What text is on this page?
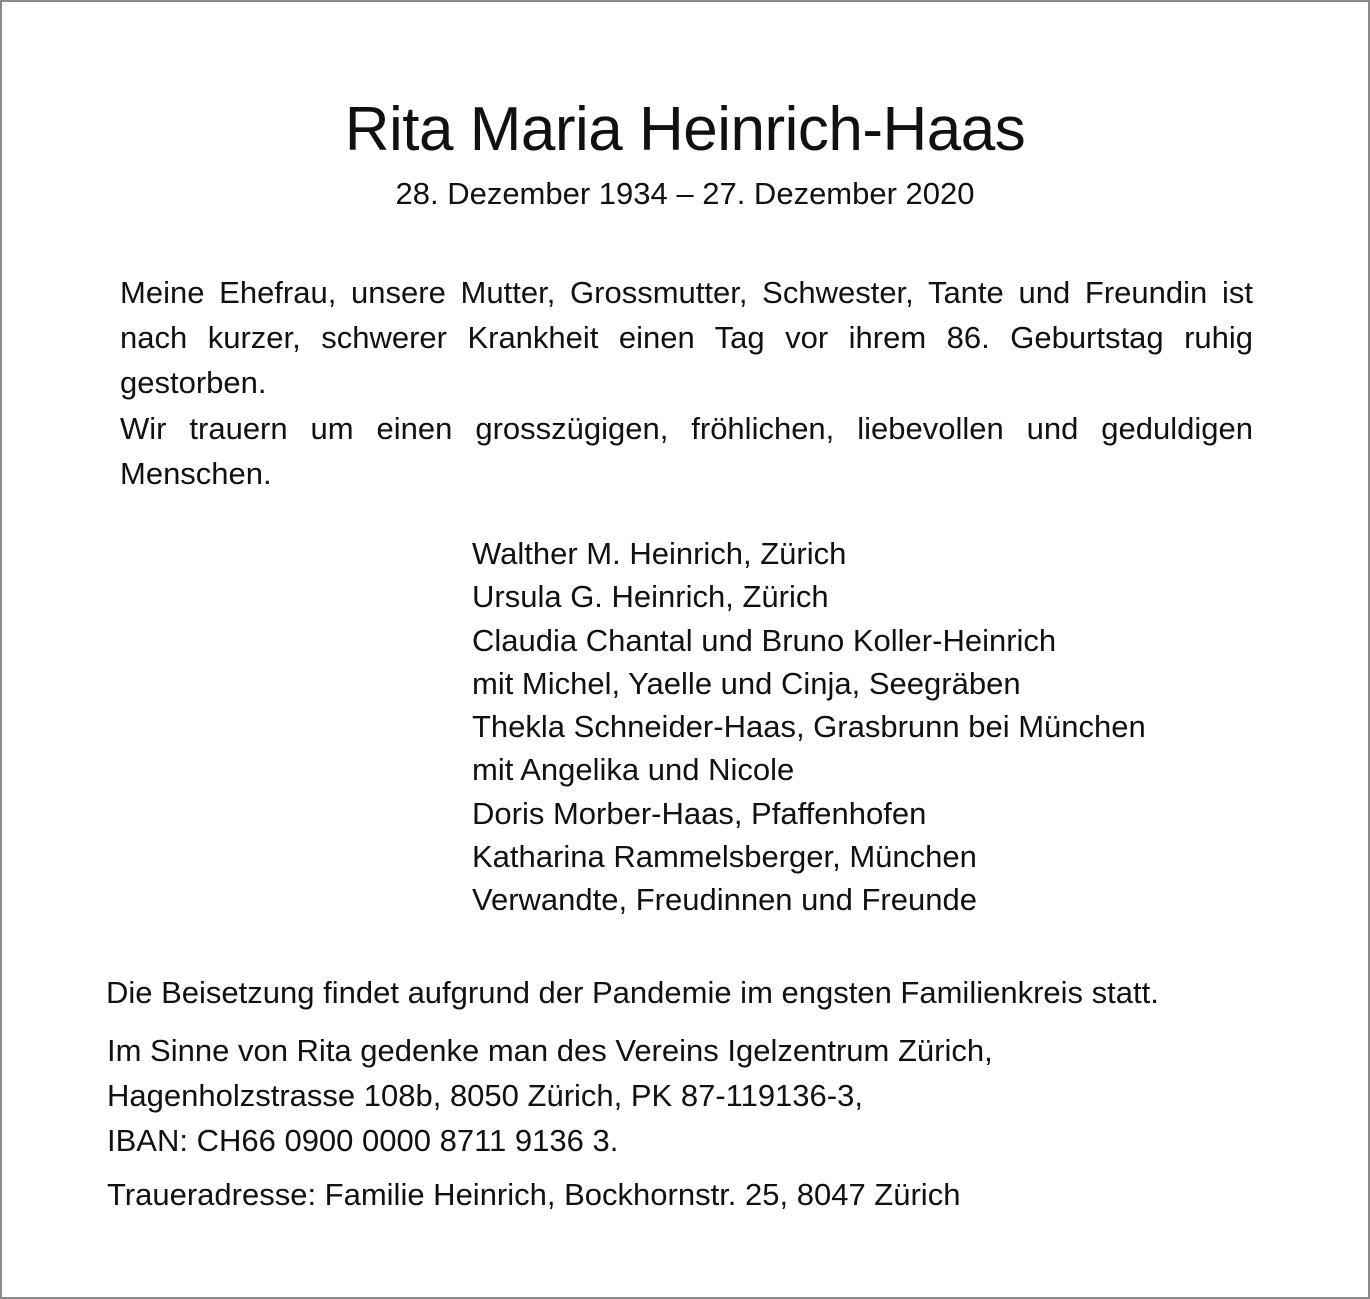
Rita Maria Heinrich-Haas
28. Dezember 1934 – 27. Dezember 2020

Meine Ehefrau, unsere Mutter, Grossmutter, Schwester, Tante und Freundin ist nach kurzer, schwerer Krankheit einen Tag vor ihrem 86. Geburtstag ruhig gestorben.

Wir trauern um einen grosszügigen, fröhlichen, liebevollen und geduldigen Menschen.

Walther M. Heinrich, Zürich
Ursula G. Heinrich, Zürich
Claudia Chantal und Bruno Koller-Heinrich
mit Michel, Yaelle und Cinja, Seegräben
Thekla Schneider-Haas, Grasbrunn bei München
mit Angelika und Nicole
Doris Morber-Haas, Pfaffenhofen
Katharina Rammelsberger, München
Verwandte, Freudinnen und Freunde
Die Beisetzung findet aufgrund der Pandemie im engsten Familienkreis statt.
Im Sinne von Rita gedenke man des Vereins Igelzentrum Zürich,
Hagenholzstrasse 108b, 8050 Zürich, PK 87-119136-3,
IBAN: CH66 0900 0000 8711 9136 3.
Traueradresse: Familie Heinrich, Bockhornstr. 25, 8047 Zürich
